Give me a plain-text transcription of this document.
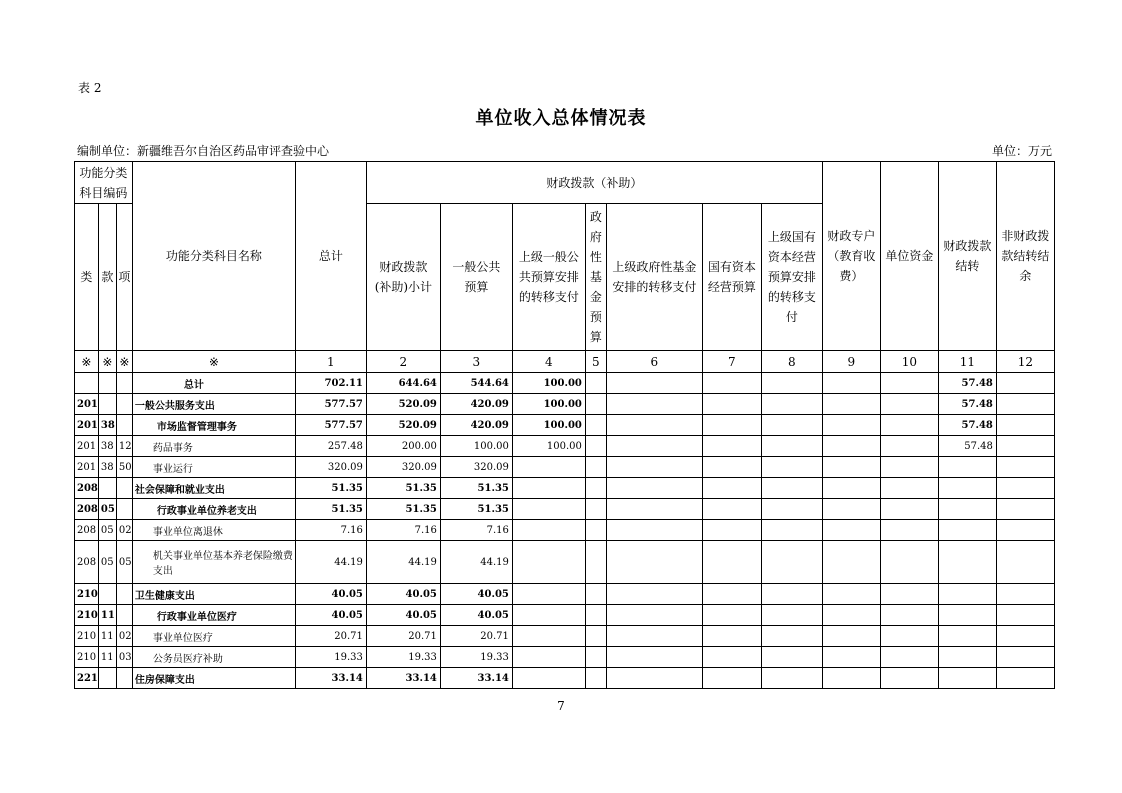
表 2
单位收入总体情况表
编制单位：新疆维吾尔自治区药品审评查验中心	单位：万元
功能分类科目编码			功能分类科目名称	总计	财政拨款（补助）							财政专户（教育收费）	单位资金	财政拨款结转	非财政拨款结转结余
类	款	项			财政拨款(补助)小计	一般公共预算	上级一般公共预算安排的转移支付	政府性基金预算	上级政府性基金安排的转移支付	国有资本经营预算	上级国有资本经营预算安排的转移支付				
※	※	※	※	1	2	3	4	5	6	7	8	9	10	11	12
			总计	702.11	644.64	544.64	100.00							57.48	
201			一般公共服务支出	577.57	520.09	420.09	100.00							57.48	
201	38		市场监督管理事务	577.57	520.09	420.09	100.00							57.48	
201	38	12	药品事务	257.48	200.00	100.00	100.00							57.48	
201	38	50	事业运行	320.09	320.09	320.09									
208			社会保障和就业支出	51.35	51.35	51.35									
208	05		行政事业单位养老支出	51.35	51.35	51.35									
208	05	02	事业单位离退休	7.16	7.16	7.16									
208	05	05	机关事业单位基本养老保险缴费支出	44.19	44.19	44.19									
210			卫生健康支出	40.05	40.05	40.05									
210	11		行政事业单位医疗	40.05	40.05	40.05									
210	11	02	事业单位医疗	20.71	20.71	20.71									
210	11	03	公务员医疗补助	19.33	19.33	19.33									
221			住房保障支出	33.14	33.14	33.14									
7
